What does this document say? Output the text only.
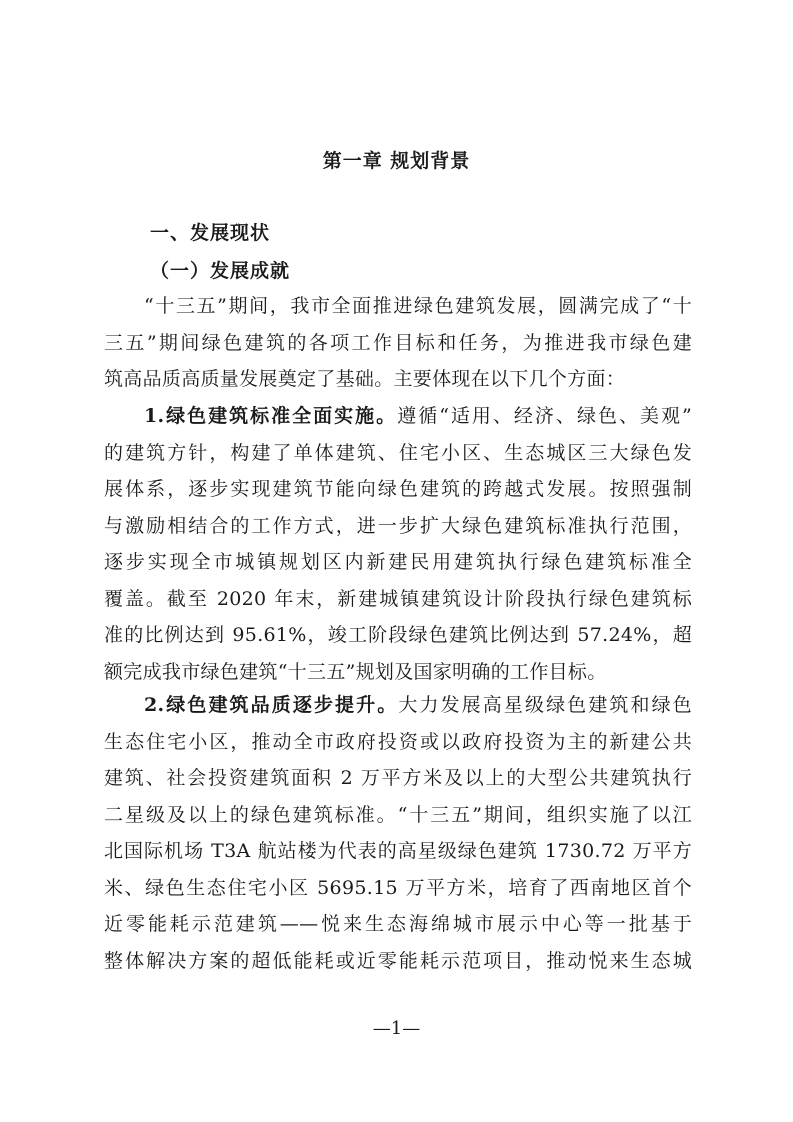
第一章 规划背景
一、发展现状
（一）发展成就
“十三五”期间，我市全面推进绿色建筑发展，圆满完成了“十
三五”期间绿色建筑的各项工作目标和任务，为推进我市绿色建
筑高品质高质量发展奠定了基础。主要体现在以下几个方面：
1.绿色建筑标准全面实施。遵循“适用、经济、绿色、美观”
的建筑方针，构建了单体建筑、住宅小区、生态城区三大绿色发
展体系，逐步实现建筑节能向绿色建筑的跨越式发展。按照强制
与激励相结合的工作方式，进一步扩大绿色建筑标准执行范围，
逐步实现全市城镇规划区内新建民用建筑执行绿色建筑标准全
覆盖。截至 2020 年末，新建城镇建筑设计阶段执行绿色建筑标
准的比例达到 95.61%，竣工阶段绿色建筑比例达到 57.24%，超
额完成我市绿色建筑“十三五”规划及国家明确的工作目标。
2.绿色建筑品质逐步提升。大力发展高星级绿色建筑和绿色
生态住宅小区，推动全市政府投资或以政府投资为主的新建公共
建筑、社会投资建筑面积 2 万平方米及以上的大型公共建筑执行
二星级及以上的绿色建筑标准。“十三五”期间，组织实施了以江
北国际机场 T3A 航站楼为代表的高星级绿色建筑 1730.72 万平方
米、绿色生态住宅小区 5695.15 万平方米，培育了西南地区首个
近零能耗示范建筑——悦来生态海绵城市展示中心等一批基于
整体解决方案的超低能耗或近零能耗示范项目，推动悦来生态城
—1—
